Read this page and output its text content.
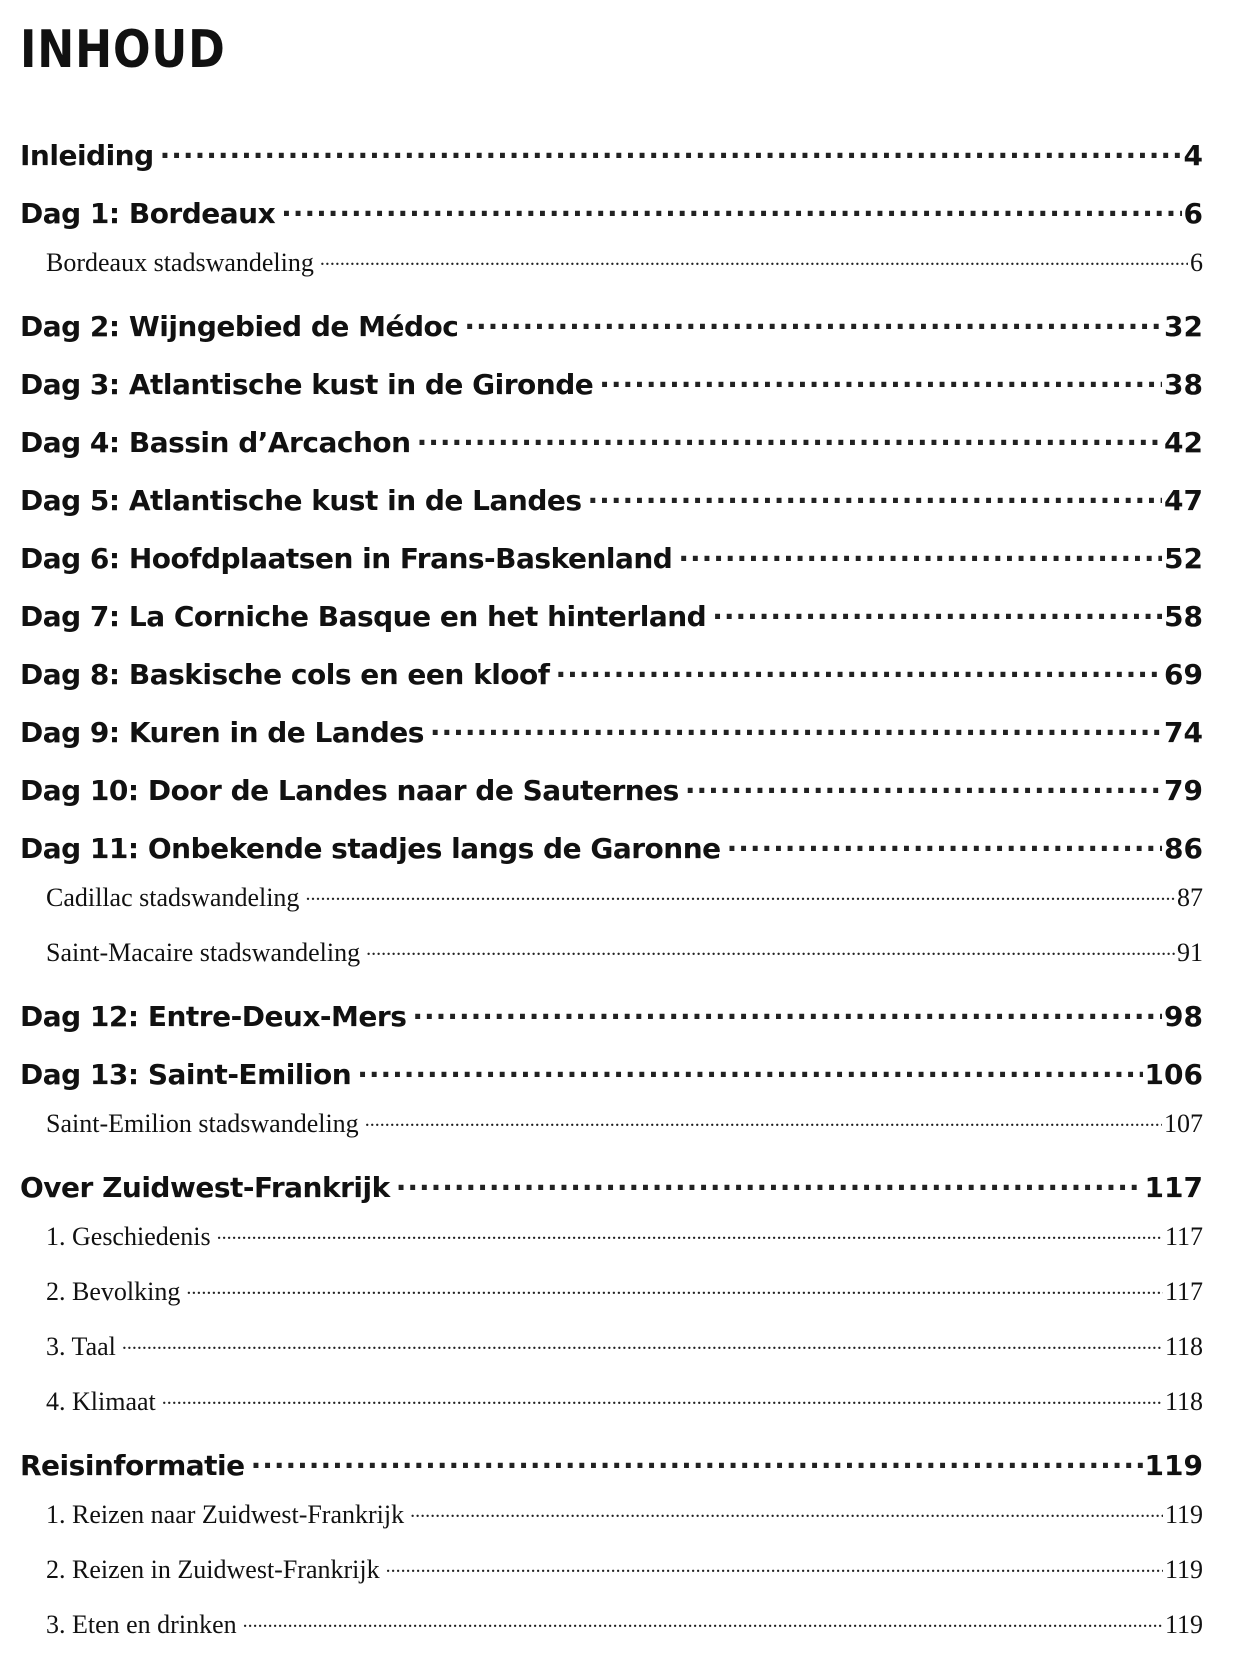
INHOUD
Inleiding .....	4
Dag 1: Bordeaux .....	6
Bordeaux stadswandeling .....	6
Dag 2: Wijngebied de Médoc .....	32
Dag 3: Atlantische kust in de Gironde .....	38
Dag 4: Bassin d’Arcachon .....	42
Dag 5: Atlantische kust in de Landes .....	47
Dag 6: Hoofdplaatsen in Frans-Baskenland .....	52
Dag 7: La Corniche Basque en het hinterland .....	58
Dag 8: Baskische cols en een kloof .....	69
Dag 9: Kuren in de Landes .....	74
Dag 10: Door de Landes naar de Sauternes .....	79
Dag 11: Onbekende stadjes langs de Garonne .....	86
Cadillac stadswandeling .....	87
Saint-Macaire stadswandeling .....	91
Dag 12: Entre-Deux-Mers .....	98
Dag 13: Saint-Emilion .....	106
Saint-Emilion stadswandeling .....	107
Over Zuidwest-Frankrijk .....	117
1. Geschiedenis .....	117
2. Bevolking .....	117
3. Taal .....	118
4. Klimaat .....	118
Reisinformatie .....	119
1. Reizen naar Zuidwest-Frankrijk .....	119
2. Reizen in Zuidwest-Frankrijk .....	119
3. Eten en drinken .....	119
